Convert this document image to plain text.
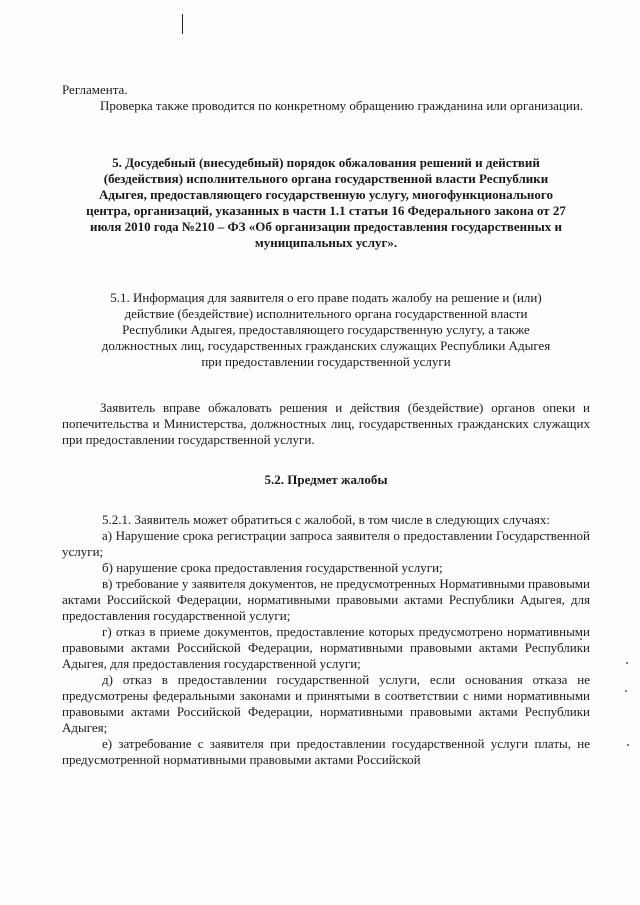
Регламента.

Проверка также проводится по конкретному обращению гражданина или организации.

5. Досудебный (внесудебный) порядок обжалования решений и действий
(бездействия) исполнительного органа государственной власти Республики
Адыгея, предоставляющего государственную услугу, многофункционального
центра, организаций, указанных в части 1.1 статьи 16 Федерального закона от 27
июля 2010 года №210 – ФЗ «Об организации предоставления государственных и
муниципальных услуг».
5.1. Информация для заявителя о его праве подать жалобу на решение и (или)
действие (бездействие) исполнительного органа государственной власти
Республики Адыгея, предоставляющего государственную услугу, а также
должностных лиц, государственных гражданских служащих Республики Адыгея
при предоставлении государственной услуги

Заявитель вправе обжаловать решения и действия (бездействие) органов опеки и попечительства и Министерства, должностных лиц, государственных гражданских служащих при предоставлении государственной услуги.

5.2. Предмет жалобы

5.2.1. Заявитель может обратиться с жалобой, в том числе в следующих случаях:

а) Нарушение срока регистрации запроса заявителя о предоставлении Государственной услуги;

б) нарушение срока предоставления государственной услуги;

в) требование у заявителя документов, не предусмотренных Нормативными правовыми актами Российской Федерации, нормативными правовыми актами Республики Адыгея, для предоставления государственной услуги;

г) отказ в приеме документов, предоставление которых предусмотрено нормативными правовыми актами Российской Федерации, нормативными правовыми актами Республики Адыгея, для предоставления государственной услуги;

д) отказ в предоставлении государственной услуги, если основания отказа не предусмотрены федеральными законами и принятыми в соответствии с ними нормативными правовыми актами Российской Федерации, нормативными правовыми актами Республики Адыгея;

е) затребование с заявителя при предоставлении государственной услуги платы, не предусмотренной нормативными правовыми актами Российской
